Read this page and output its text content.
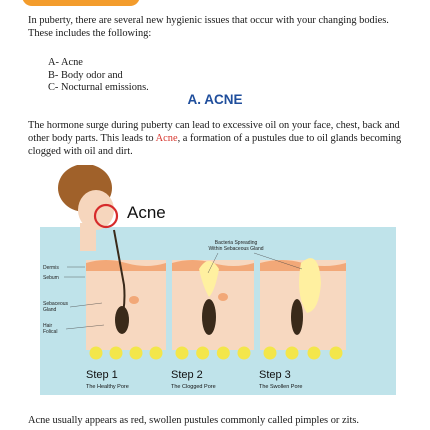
In puberty, there are several new hygienic issues that occur with your changing bodies. These includes the following:

A- Acne
B- Body odor and
C- Nocturnal emissions.
A. ACNE

The hormone surge during puberty can lead to excessive oil on your face, chest, back and other body parts. This leads to Acne, a formation of a pustules due to oil glands becoming clogged with oil and dirt.

Acne
Dermis
Sebum
Sebaceous
Gland
Hair
Folical
Bacteria Spreading
Within Sebaceous Gland
Step 1
The Healthy Pore
Step 2
The Clogged Pore
Step 3
The Swollen Pore

Acne usually appears as red, swollen pustules commonly called pimples or zits.
